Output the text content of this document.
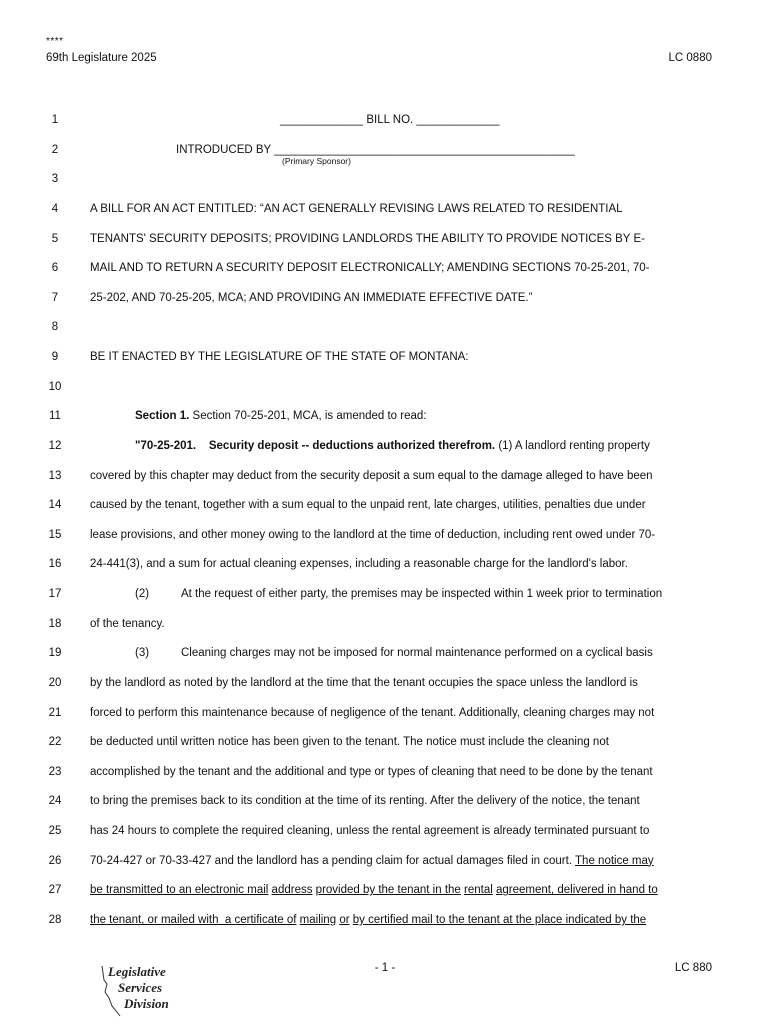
****
69th Legislature 2025	LC 0880
1	_____________ BILL NO. _____________
2	INTRODUCED BY _______________________________________________
3
4	A BILL FOR AN ACT ENTITLED: “AN ACT GENERALLY REVISING LAWS RELATED TO RESIDENTIAL
5	TENANTS' SECURITY DEPOSITS; PROVIDING LANDLORDS THE ABILITY TO PROVIDE NOTICES BY E-
6	MAIL AND TO RETURN A SECURITY DEPOSIT ELECTRONICALLY; AMENDING SECTIONS 70-25-201, 70-
7	25-202, AND 70-25-205, MCA; AND PROVIDING AN IMMEDIATE EFFECTIVE DATE.”
8
9	BE IT ENACTED BY THE LEGISLATURE OF THE STATE OF MONTANA:
10
11	Section 1. Section 70-25-201, MCA, is amended to read:
12	"70-25-201.    Security deposit -- deductions authorized therefrom. (1) A landlord renting property
13	covered by this chapter may deduct from the security deposit a sum equal to the damage alleged to have been
14	caused by the tenant, together with a sum equal to the unpaid rent, late charges, utilities, penalties due under
15	lease provisions, and other money owing to the landlord at the time of deduction, including rent owed under 70-
16	24-441(3), and a sum for actual cleaning expenses, including a reasonable charge for the landlord's labor.
17	(2)	At the request of either party, the premises may be inspected within 1 week prior to termination
18	of the tenancy.
19	(3)	Cleaning charges may not be imposed for normal maintenance performed on a cyclical basis
20	by the landlord as noted by the landlord at the time that the tenant occupies the space unless the landlord is
21	forced to perform this maintenance because of negligence of the tenant. Additionally, cleaning charges may not
22	be deducted until written notice has been given to the tenant. The notice must include the cleaning not
23	accomplished by the tenant and the additional and type or types of cleaning that need to be done by the tenant
24	to bring the premises back to its condition at the time of its renting. After the delivery of the notice, the tenant
25	has 24 hours to complete the required cleaning, unless the rental agreement is already terminated pursuant to
26	70-24-427 or 70-33-427 and the landlord has a pending claim for actual damages filed in court. The notice may
27	be transmitted to an electronic mail address provided by the tenant in the rental agreement, delivered in hand to
28	the tenant, or mailed with  a certificate of mailing or by certified mail to the tenant at the place indicated by the
(Primary Sponsor)
Legislative
Services
Division
- 1 -	LC 880
